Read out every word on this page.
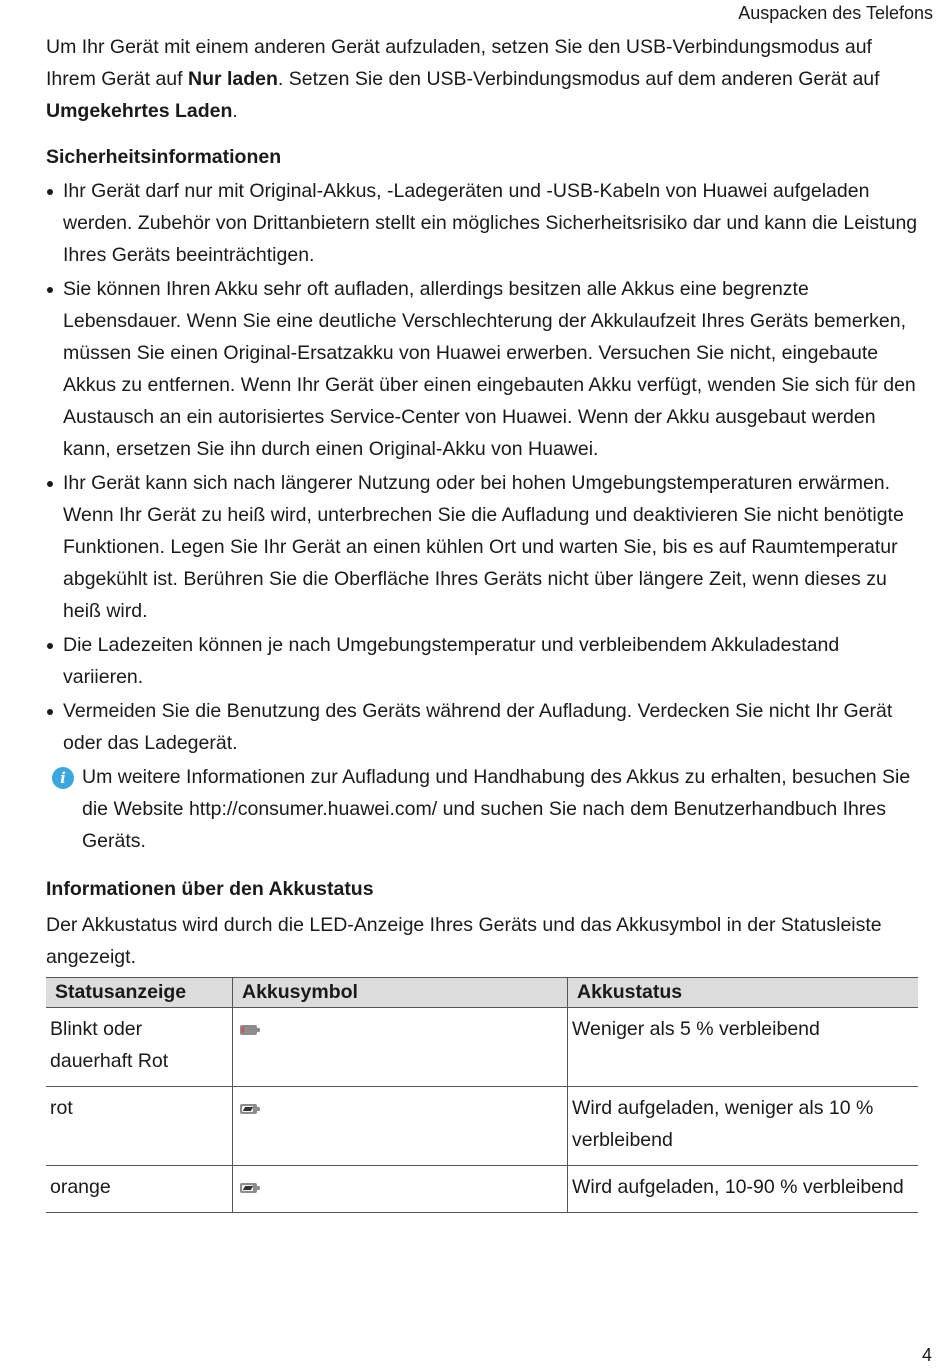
Auspacken des Telefons

Um Ihr Gerät mit einem anderen Gerät aufzuladen, setzen Sie den USB-Verbindungsmodus auf Ihrem Gerät auf Nur laden. Setzen Sie den USB-Verbindungsmodus auf dem anderen Gerät auf Umgekehrtes Laden.

Sicherheitsinformationen
Ihr Gerät darf nur mit Original-Akkus, -Ladegeräten und -USB-Kabeln von Huawei aufgeladen werden. Zubehör von Drittanbietern stellt ein mögliches Sicherheitsrisiko dar und kann die Leistung Ihres Geräts beeinträchtigen.
Sie können Ihren Akku sehr oft aufladen, allerdings besitzen alle Akkus eine begrenzte Lebensdauer. Wenn Sie eine deutliche Verschlechterung der Akkulaufzeit Ihres Geräts bemerken, müssen Sie einen Original-Ersatzakku von Huawei erwerben. Versuchen Sie nicht, eingebaute Akkus zu entfernen. Wenn Ihr Gerät über einen eingebauten Akku verfügt, wenden Sie sich für den Austausch an ein autorisiertes Service-Center von Huawei. Wenn der Akku ausgebaut werden kann, ersetzen Sie ihn durch einen Original-Akku von Huawei.
Ihr Gerät kann sich nach längerer Nutzung oder bei hohen Umgebungstemperaturen erwärmen. Wenn Ihr Gerät zu heiß wird, unterbrechen Sie die Aufladung und deaktivieren Sie nicht benötigte Funktionen. Legen Sie Ihr Gerät an einen kühlen Ort und warten Sie, bis es auf Raumtemperatur abgekühlt ist. Berühren Sie die Oberfläche Ihres Geräts nicht über längere Zeit, wenn dieses zu heiß wird.
Die Ladezeiten können je nach Umgebungstemperatur und verbleibendem Akkuladestand variieren.
Vermeiden Sie die Benutzung des Geräts während der Aufladung. Verdecken Sie nicht Ihr Gerät oder das Ladegerät.
i Um weitere Informationen zur Aufladung und Handhabung des Akkus zu erhalten, besuchen Sie die Website http://consumer.huawei.com/ und suchen Sie nach dem Benutzerhandbuch Ihres Geräts.
Informationen über den Akkustatus

Der Akkustatus wird durch die LED-Anzeige Ihres Geräts und das Akkusymbol in der Statusleiste angezeigt.

Statusanzeige	Akkusymbol	Akkustatus
Blinkt oder dauerhaft Rot		Weniger als 5 % verbleibend
rot		Wird aufgeladen, weniger als 10 % verbleibend
orange		Wird aufgeladen, 10-90 % verbleibend
4
